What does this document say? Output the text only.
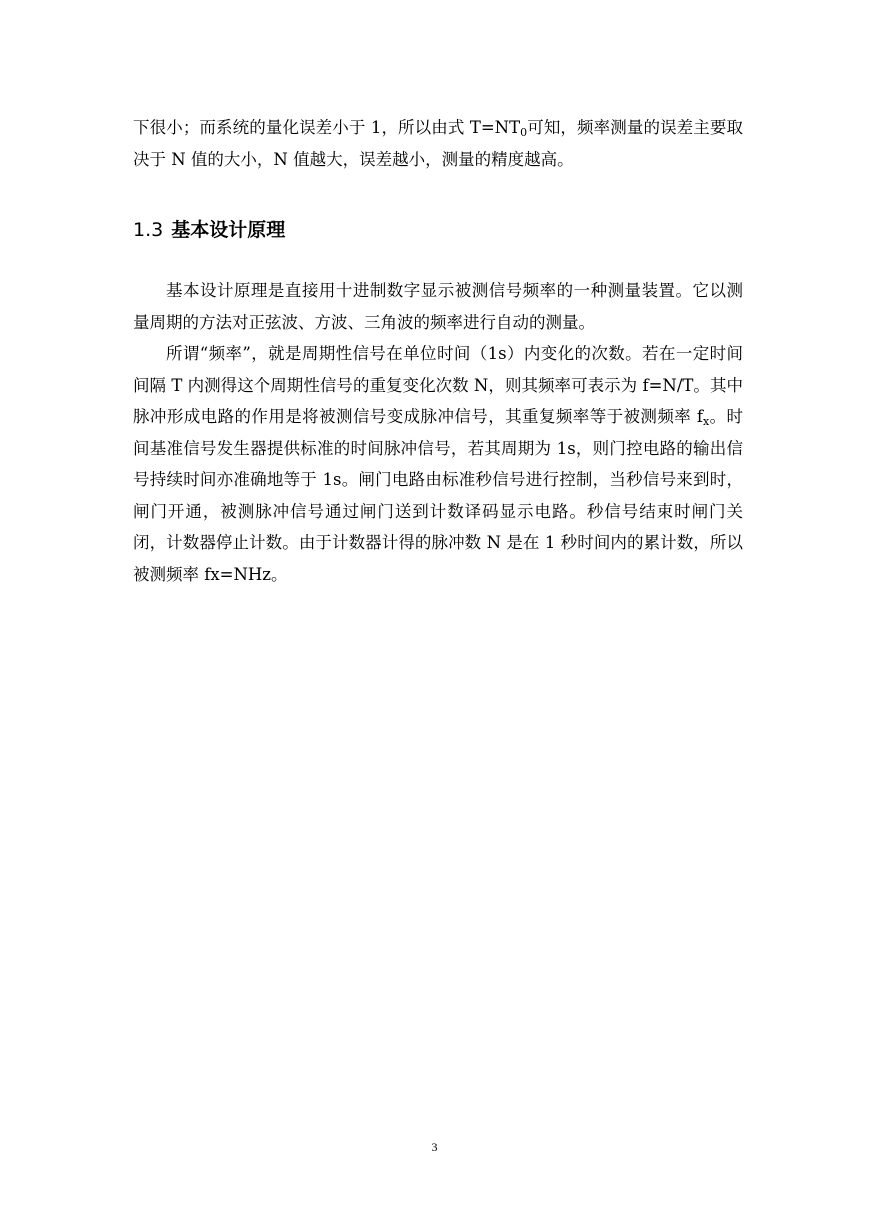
下很小；而系统的量化误差小于 1，所以由式 $T=NT_0$可知，频率测量的误差主要取决于 N 值的大小，N 值越大，误差越小，测量的精度越高。

1.3 基本设计原理

基本设计原理是直接用十进制数字显示被测信号频率的一种测量装置。它以测量周期的方法对正弦波、方波、三角波的频率进行自动的测量。

所谓“频率”，就是周期性信号在单位时间（1s）内变化的次数。若在一定时间间隔 T 内测得这个周期性信号的重复变化次数 N，则其频率可表示为 f=N/T。其中脉冲形成电路的作用是将被测信号变成脉冲信号，其重复频率等于被测频率 $f_x$。时间基准信号发生器提供标准的时间脉冲信号，若其周期为 1s，则门控电路的输出信号持续时间亦准确地等于 1s。闸门电路由标准秒信号进行控制，当秒信号来到时，闸门开通，被测脉冲信号通过闸门送到计数译码显示电路。秒信号结束时闸门关闭，计数器停止计数。由于计数器计得的脉冲数 N 是在 1 秒时间内的累计数，所以被测频率 fx=NHz。

3
